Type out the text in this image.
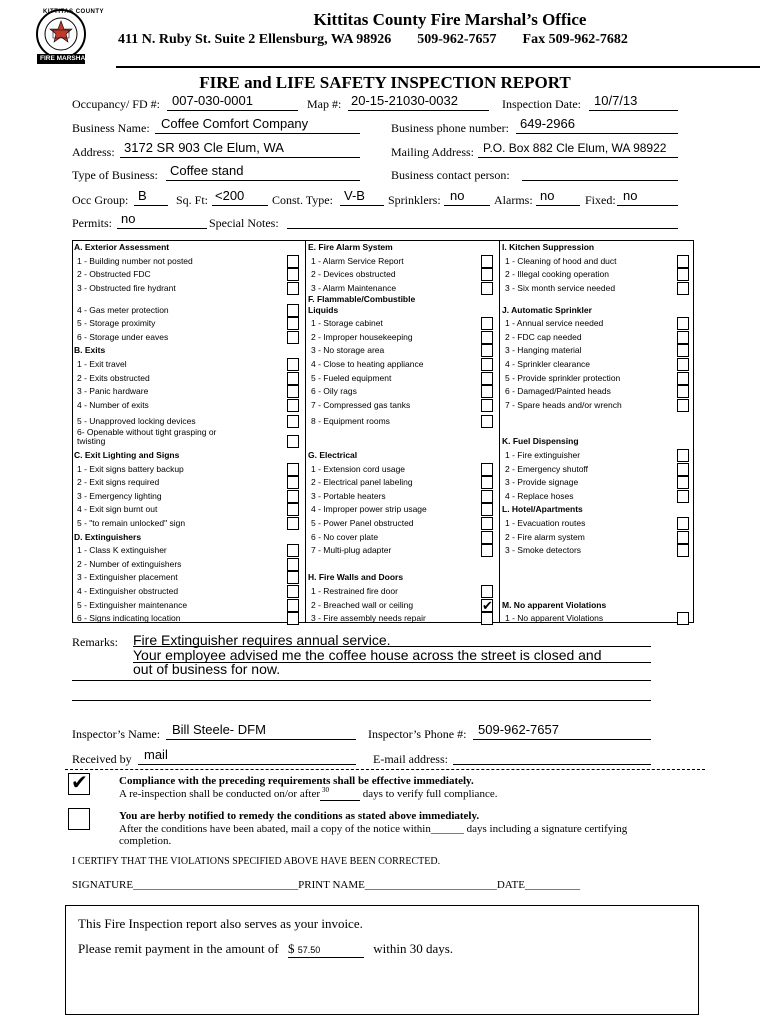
KITTITAS COUNTY
FIRE MARSHAL
Kittitas County Fire Marshal’s Office
411 N. Ruby St. Suite 2 Ellensburg, WA 98926 509-962-7657 Fax 509-962-7682
FIRE and LIFE SAFETY INSPECTION REPORT
Occupancy/ FD #: 007-030-0001	Map #: 20-15-21030-0032	Inspection Date: 10/7/13
Business Name: Coffee Comfort Company	Business phone number: 649-2966
Address: 3172 SR 903 Cle Elum, WA	Mailing Address: P.O. Box 882 Cle Elum, WA 98922
Type of Business: Coffee stand	Business contact person:
Occ Group: B Sq. Ft: <200 Const. Type: V-B Sprinklers: no Alarms: no	Fixed: no
Permits: no	Special Notes:
A. Exterior Assessment
1 - Building number not posted
2 - Obstructed FDC
3 - Obstructed fire hydrant
4 - Gas meter protection
5 - Storage proximity
6 - Storage under eaves
B. Exits
1 - Exit travel
2 - Exits obstructed
3 - Panic hardware
4 - Number of exits
5 - Unapproved locking devices
6- Openable without tight grasping or
twisting
C. Exit Lighting and Signs
1 - Exit signs battery backup
2 - Exit signs required
3 - Emergency lighting
4 - Exit sign burnt out
5 - "to remain unlocked" sign
D. Extinguishers
1 - Class K extinguisher
2 - Number of extinguishers
3 - Extinguisher placement
4 - Extinguisher obstructed
5 - Extinguisher maintenance
6 - Signs indicating location
E. Fire Alarm System
1 - Alarm Service Report
2 - Devices obstructed
3 - Alarm Maintenance
F. Flammable/Combustible
Liquids
1 - Storage cabinet
2 - Improper housekeeping
3 - No storage area
4 - Close to heating appliance
5 - Fueled equipment
6 - Oily rags
7 - Compressed gas tanks
8 - Equipment rooms
G. Electrical
1 - Extension cord usage
2 - Electrical panel labeling
3 - Portable heaters
4 - Improper power strip usage
5 - Power Panel obstructed
6 - No cover plate
7 - Multi-plug adapter
H. Fire Walls and Doors
1 - Restrained fire door
2 - Breached wall or ceiling	✔
3 - Fire assembly needs repair
I. Kitchen Suppression
1 - Cleaning of hood and duct
2 - Illegal cooking operation
3 - Six month service needed
J. Automatic Sprinkler
1 - Annual service needed
2 - FDC cap needed
3 - Hanging material
4 - Sprinkler clearance
5 - Provide sprinkler protection
6 - Damaged/Painted heads
7 - Spare heads and/or wrench
K. Fuel Dispensing
1 - Fire extinguisher
2 - Emergency shutoff
3 - Provide signage
4 - Replace hoses
L. Hotel/Apartments
1 - Evacuation routes
2 - Fire alarm system
3 - Smoke detectors
M. No apparent Violations
1 - No apparent Violations
Remarks: Fire Extinguisher requires annual service.
Your employee advised me the coffee house across the street is closed and
out of business for now.
Inspector’s Name: Bill Steele- DFM	Inspector’s Phone #: 509-962-7657
Received by mail	E-mail address:
✔	Compliance with the preceding requirements shall be effective immediately.
A re-inspection shall be conducted on/or after 30	days to verify full compliance.
You are herby notified to remedy the conditions as stated above immediately.
After the conditions have been abated, mail a copy of the notice within______ days including a signature certifying
completion.
I CERTIFY THAT THE VIOLATIONS SPECIFIED ABOVE HAVE BEEN CORRECTED.
SIGNATURE______________________________PRINT NAME________________________DATE__________
This Fire Inspection report also serves as your invoice.
Please remit payment in the amount of $ 57.50	within 30 days.
